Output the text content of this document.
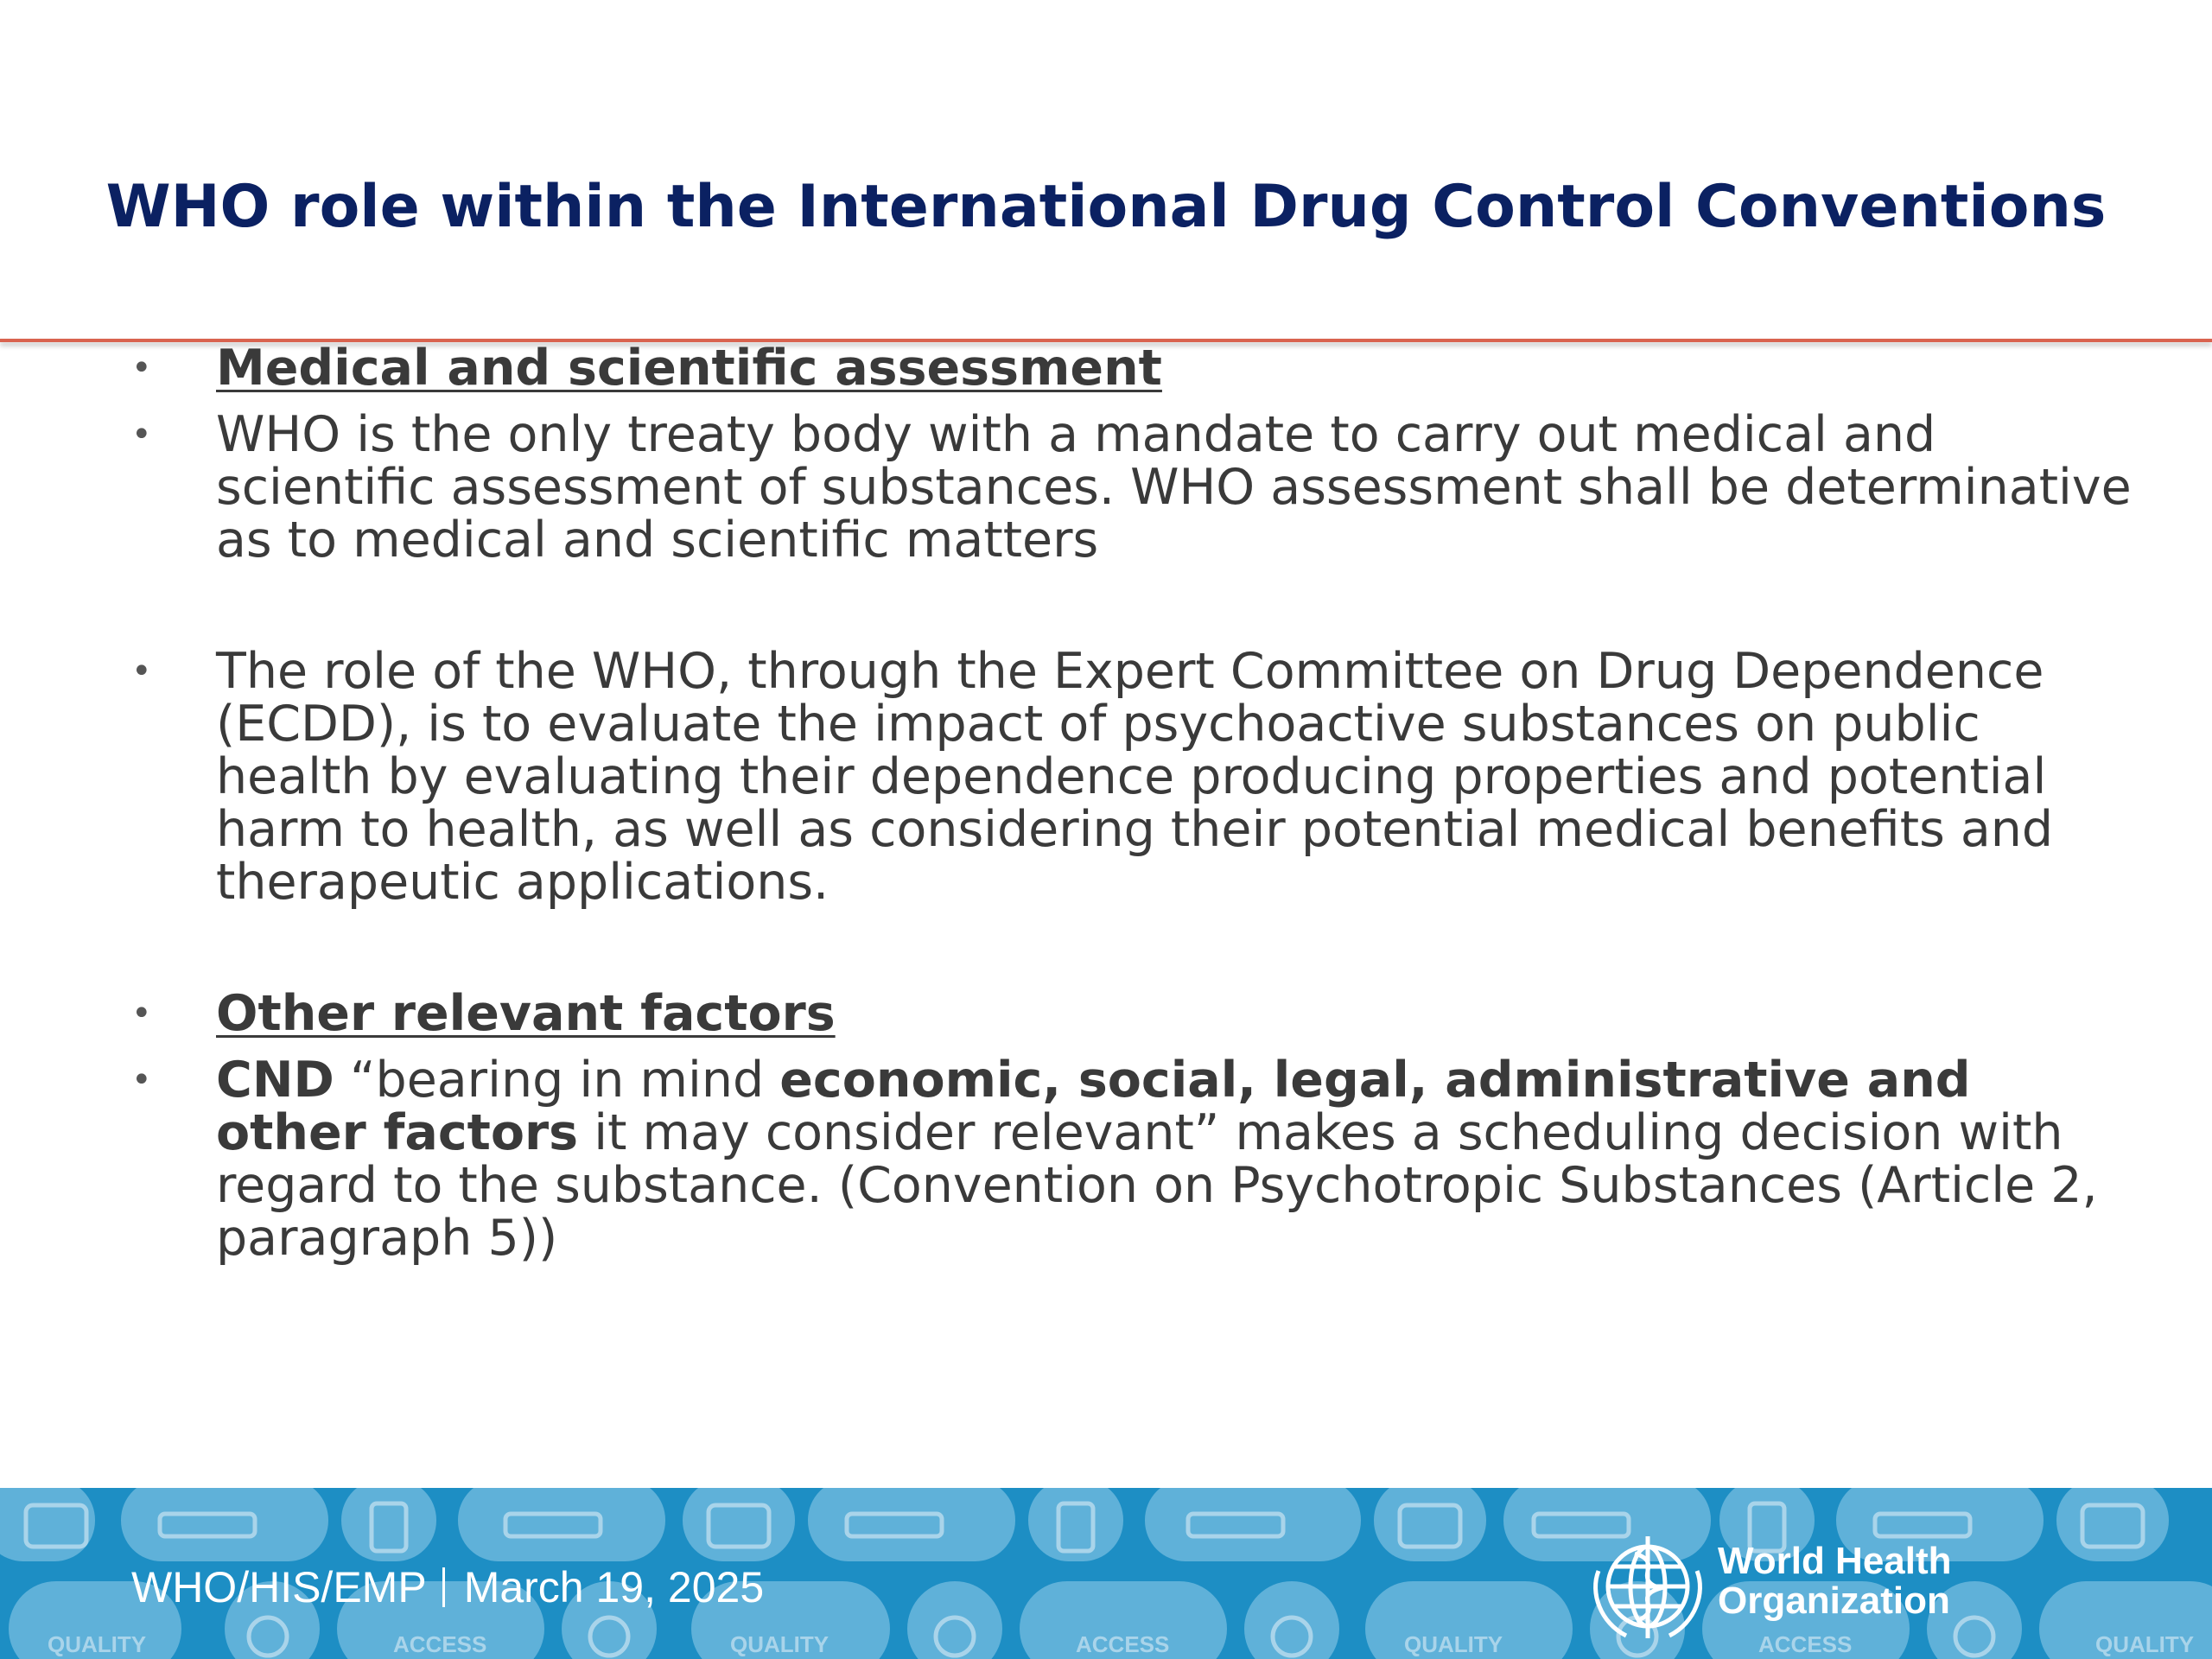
WHO role within the International Drug Control Conventions

• Medical and scientific assessment

• WHO is the only treaty body with a mandate to carry out medical and scientific assessment of substances. WHO assessment shall be determinative as to medical and scientific matters

• The role of the WHO, through the Expert Committee on Drug Dependence (ECDD), is to evaluate the impact of psychoactive substances on public health by evaluating their dependence producing properties and potential harm to health, as well as considering their potential medical benefits and therapeutic applications.

• Other relevant factors

• CND “bearing in mind economic, social, legal, administrative and other factors it may consider relevant” makes a scheduling decision with regard to the substance. (Convention on Psychotropic Substances (Article 2, paragraph 5))

QUALITY	ACCESS	QUALITY	ACCESS	QUALITY	ACCESS	QUALITY
WHO/HIS/EMP March 19, 2025
World Health
Organization
